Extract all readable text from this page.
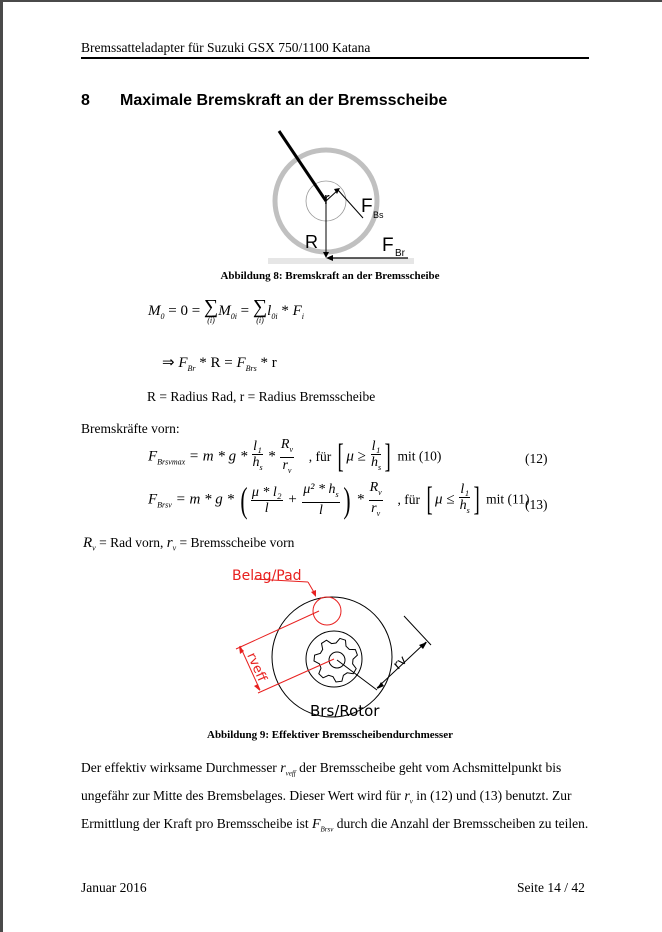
Bremssatteladapter für Suzuki GSX 750/1100 Katana
8 Maximale Bremskraft an der Bremsscheibe
r F Bs
R	F Br
Abbildung 8: Bremskraft an der Bremsscheibe
$M_0 = 0$ = ∑
(i)
$M_{0i}$ = ∑
(i)
$l_{0i} * F_i$
⇒ $F_{Br} * R = F_{Brs} * r$
R = Radius Rad, r = Radius Bremsscheibe
Bremskräfte vorn:
$F_{Brsvmax} = m * g * \frac{\text{l₁}}{h_s} * \frac{R_v}{r_v}$ , für [ $\mu \ge \frac{\text{l₁}}{h_s}$ ] mit (10)	(12)
$F_{Brsv} = m * g$ * ( $\frac{\text{μ * l₂}}{l} + \frac{\mu^2 * h_s}{l}$ ) * $\frac{R_v}{r_v}$ , für [ $\mu \le \frac{\text{l₁}}{h_s}$ ] mit (11)
(13)
$R_v$ = Rad vorn, $r_v$ = Bremsscheibe vorn
rveff
Belag/Pad
rv
Brs/Rotor
Abbildung 9: Effektiver Bremsscheibendurchmesser
Der effektiv wirksame Durchmesser $r_{veff}$ der Bremsscheibe geht vom Achsmittelpunkt bis ungefähr zur Mitte des Bremsbelages. Dieser Wert wird für $r_v$ in (12) und (13) benutzt. Zur Ermittlung der Kraft pro Bremsscheibe ist $F_{Brsv}$ durch die Anzahl der Bremsscheiben zu teilen.
Januar 2016	Seite 14 / 42
